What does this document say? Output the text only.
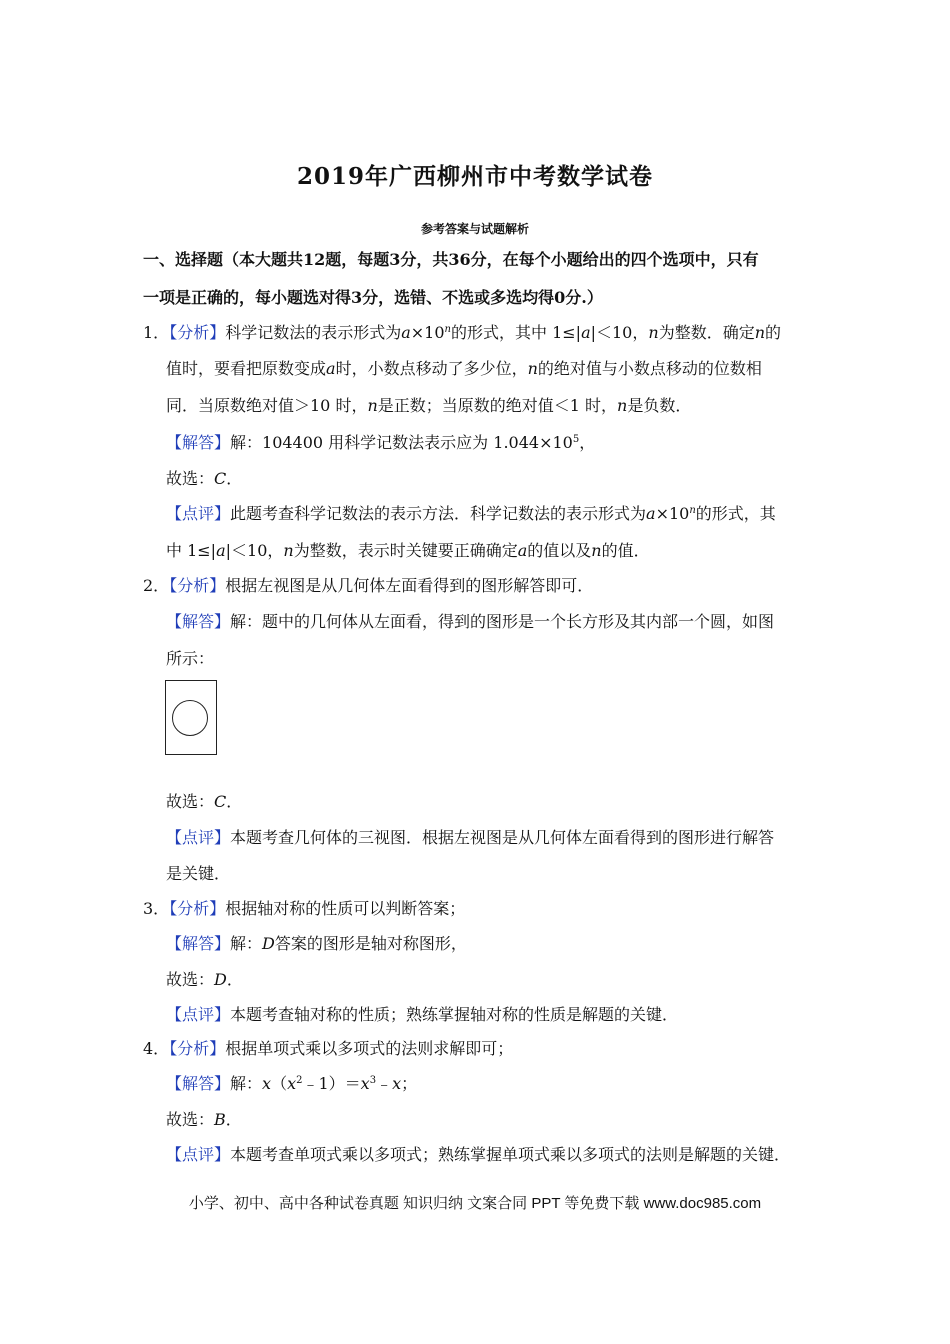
2019年广西柳州市中考数学试卷
参考答案与试题解析
一、选择题（本大题共12题，每题3分，共36分，在每个小题给出的四个选项中，只有
一项是正确的，每小题选对得3分，选错、不选或多选均得0分.）
1．【分析】科学记数法的表示形式为$a\times 10^n$的形式，其中 1≤|a|＜10，n为整数．确定n的
值时，要看把原数变成a时，小数点移动了多少位，n的绝对值与小数点移动的位数相
同．当原数绝对值＞10 时，n是正数；当原数的绝对值＜1 时，n是负数．
【解答】解：104400 用科学记数法表示应为 $1.044\times 10^5$，
故选：C．
【点评】此题考查科学记数法的表示方法．科学记数法的表示形式为$a\times 10^n$的形式，其
中 1≤|a|＜10，n为整数，表示时关键要正确确定a的值以及n的值．
2．【分析】根据左视图是从几何体左面看得到的图形解答即可．
【解答】解：题中的几何体从左面看，得到的图形是一个长方形及其内部一个圆，如图
所示：
故选：C．
【点评】本题考查几何体的三视图．根据左视图是从几何体左面看得到的图形进行解答
是关键．
3．【分析】根据轴对称的性质可以判断答案；
【解答】解：D答案的图形是轴对称图形，
故选：D．
【点评】本题考查轴对称的性质；熟练掌握轴对称的性质是解题的关键．
4．【分析】根据单项式乘以多项式的法则求解即可；
【解答】解：$x(x^2﹣1)=x^3﹣x$；
故选：B．
【点评】本题考查单项式乘以多项式；熟练掌握单项式乘以多项式的法则是解题的关键．
小学、初中、高中各种试卷真题 知识归纳 文案合同 PPT 等免费下载 www.doc985.com
